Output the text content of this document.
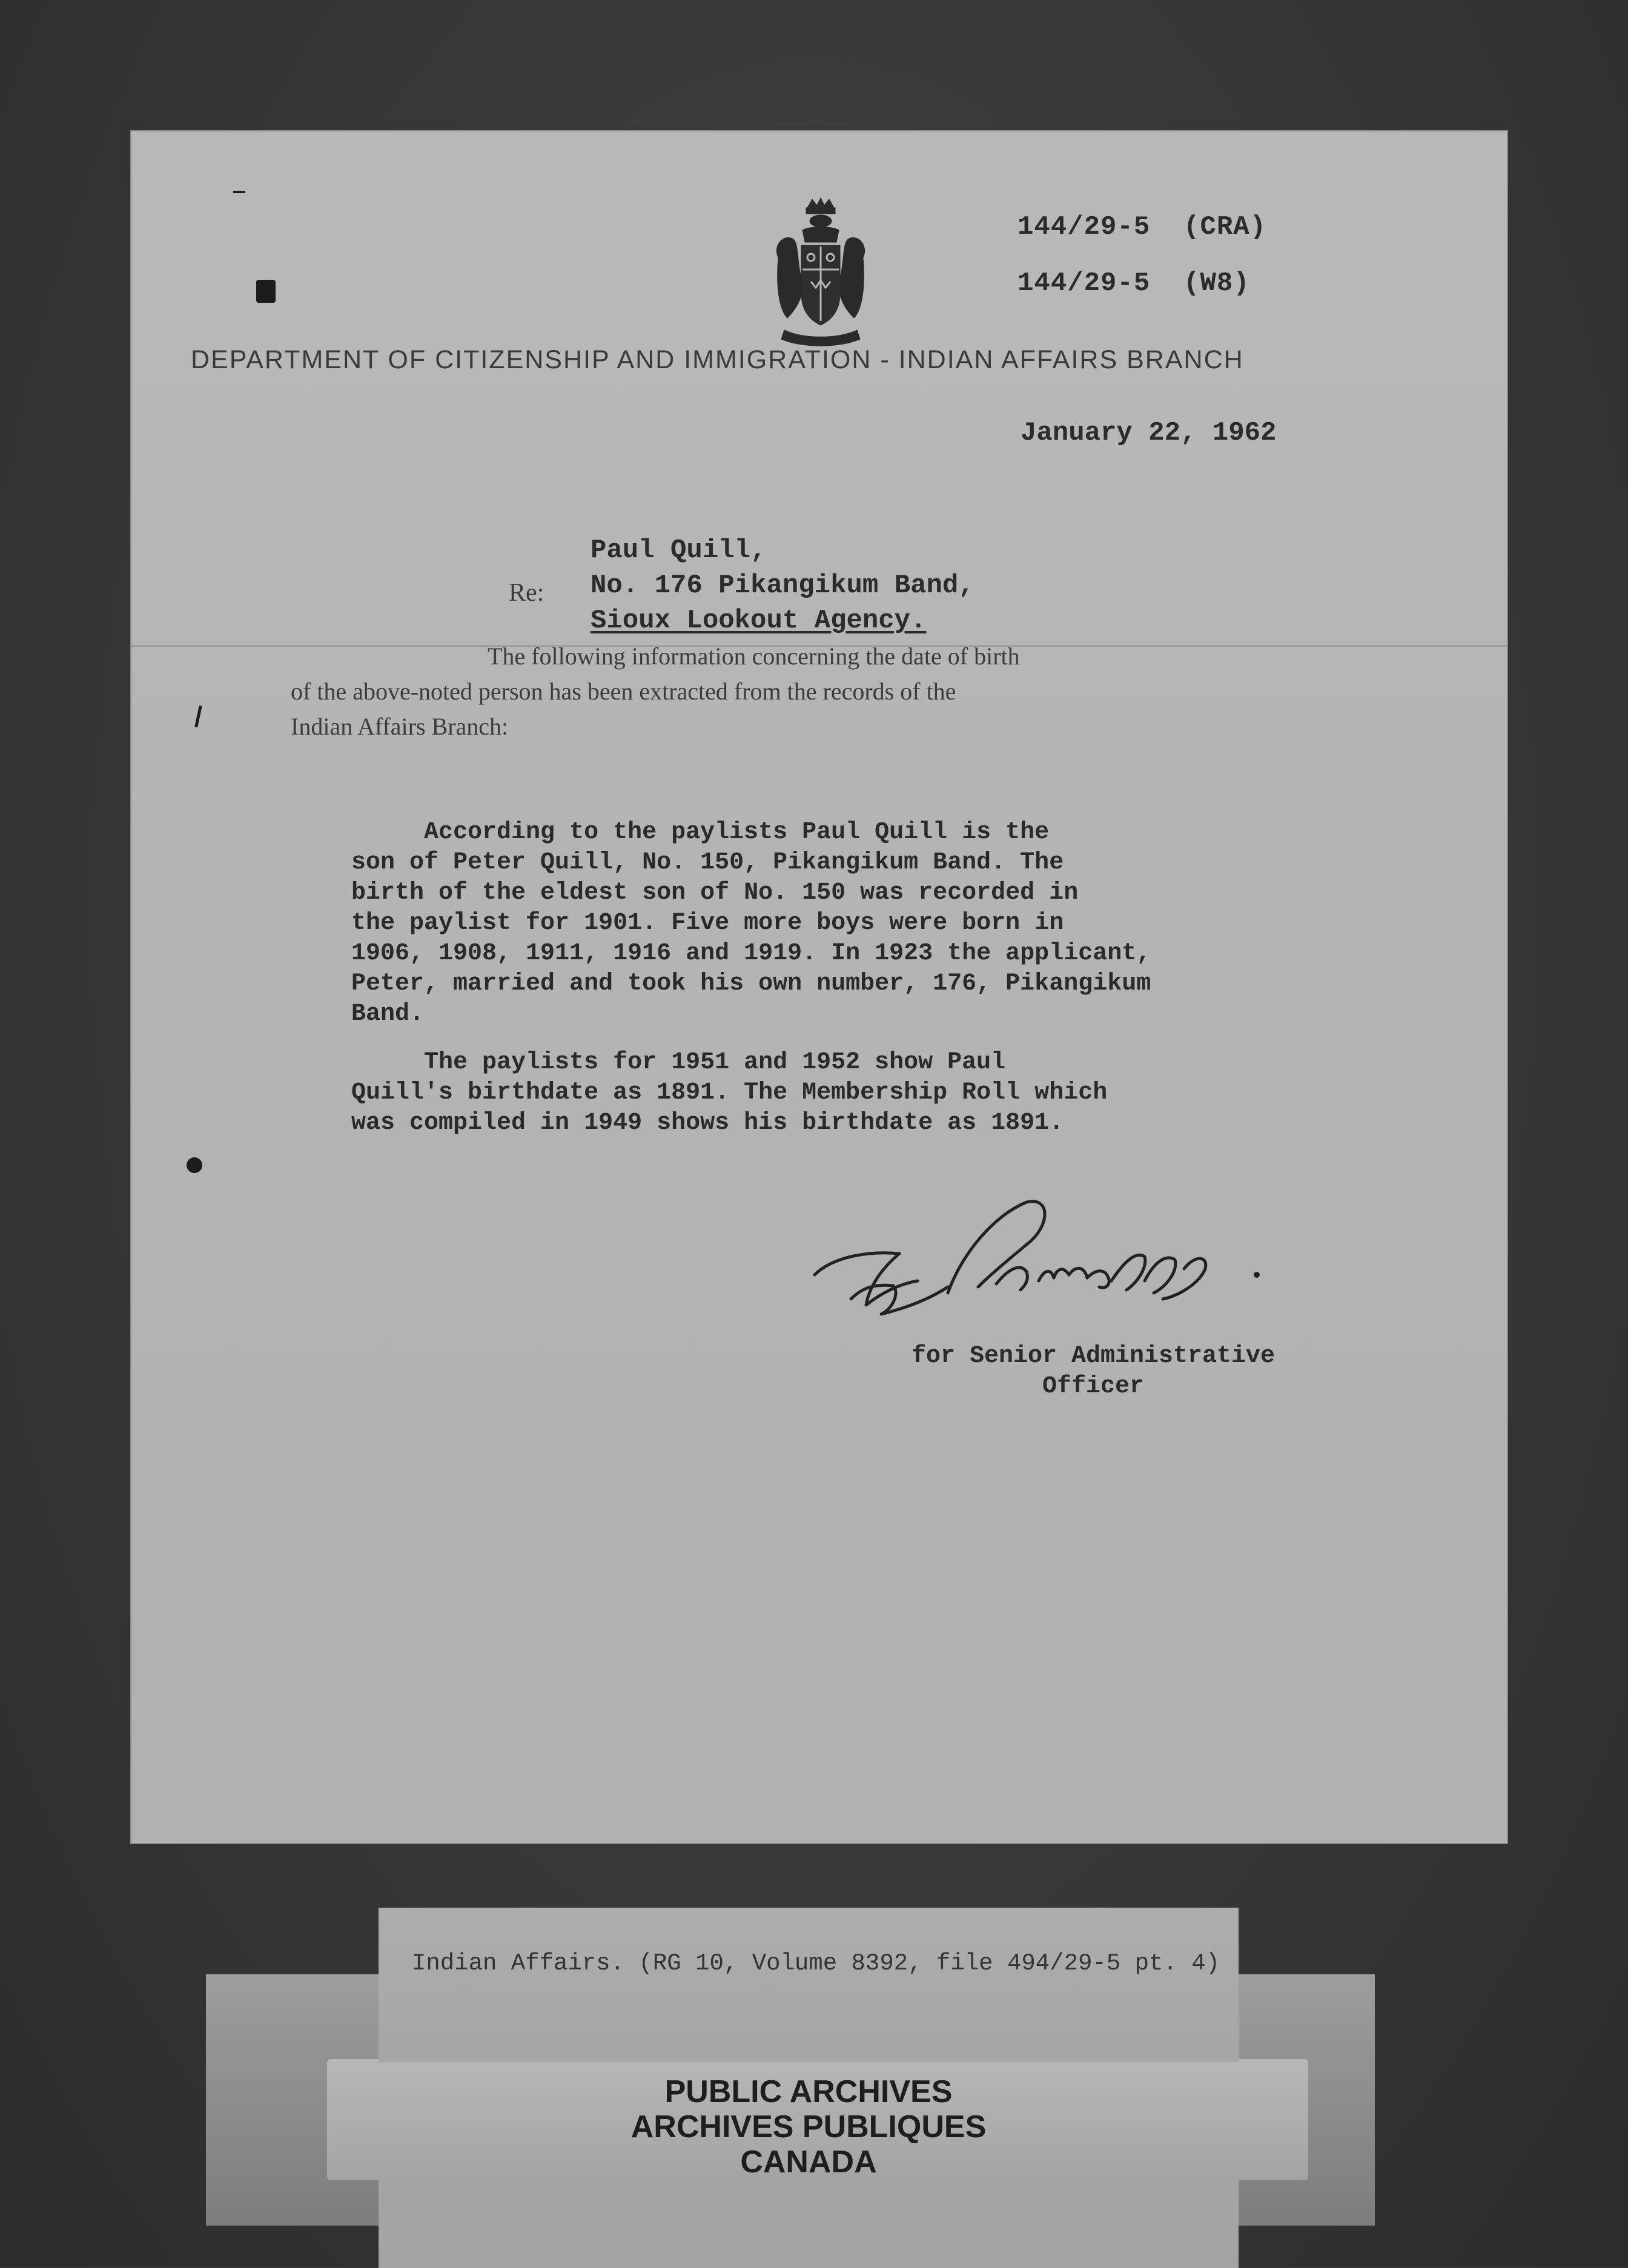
144/29-5  (CRA)
144/29-5  (W8)
DEPARTMENT OF CITIZENSHIP AND IMMIGRATION - INDIAN AFFAIRS BRANCH
January 22, 1962
Re:
Paul Quill,
No. 176 Pikangikum Band,
Sioux Lookout Agency.
The following information concerning the date of birth
of the above-noted person has been extracted from the records of the
Indian Affairs Branch:
According to the paylists Paul Quill is the
son of Peter Quill, No. 150, Pikangikum Band. The
birth of the eldest son of No. 150 was recorded in
the paylist for 1901. Five more boys were born in
1906, 1908, 1911, 1916 and 1919. In 1923 the applicant,
Peter, married and took his own number, 176, Pikangikum
Band.
The paylists for 1951 and 1952 show Paul
Quill's birthdate as 1891. The Membership Roll which
was compiled in 1949 shows his birthdate as 1891.
for Senior Administrative
Officer
Indian Affairs. (RG 10, Volume 8392, file 494/29-5 pt. 4)
PUBLIC ARCHIVES
ARCHIVES PUBLIQUES
CANADA
